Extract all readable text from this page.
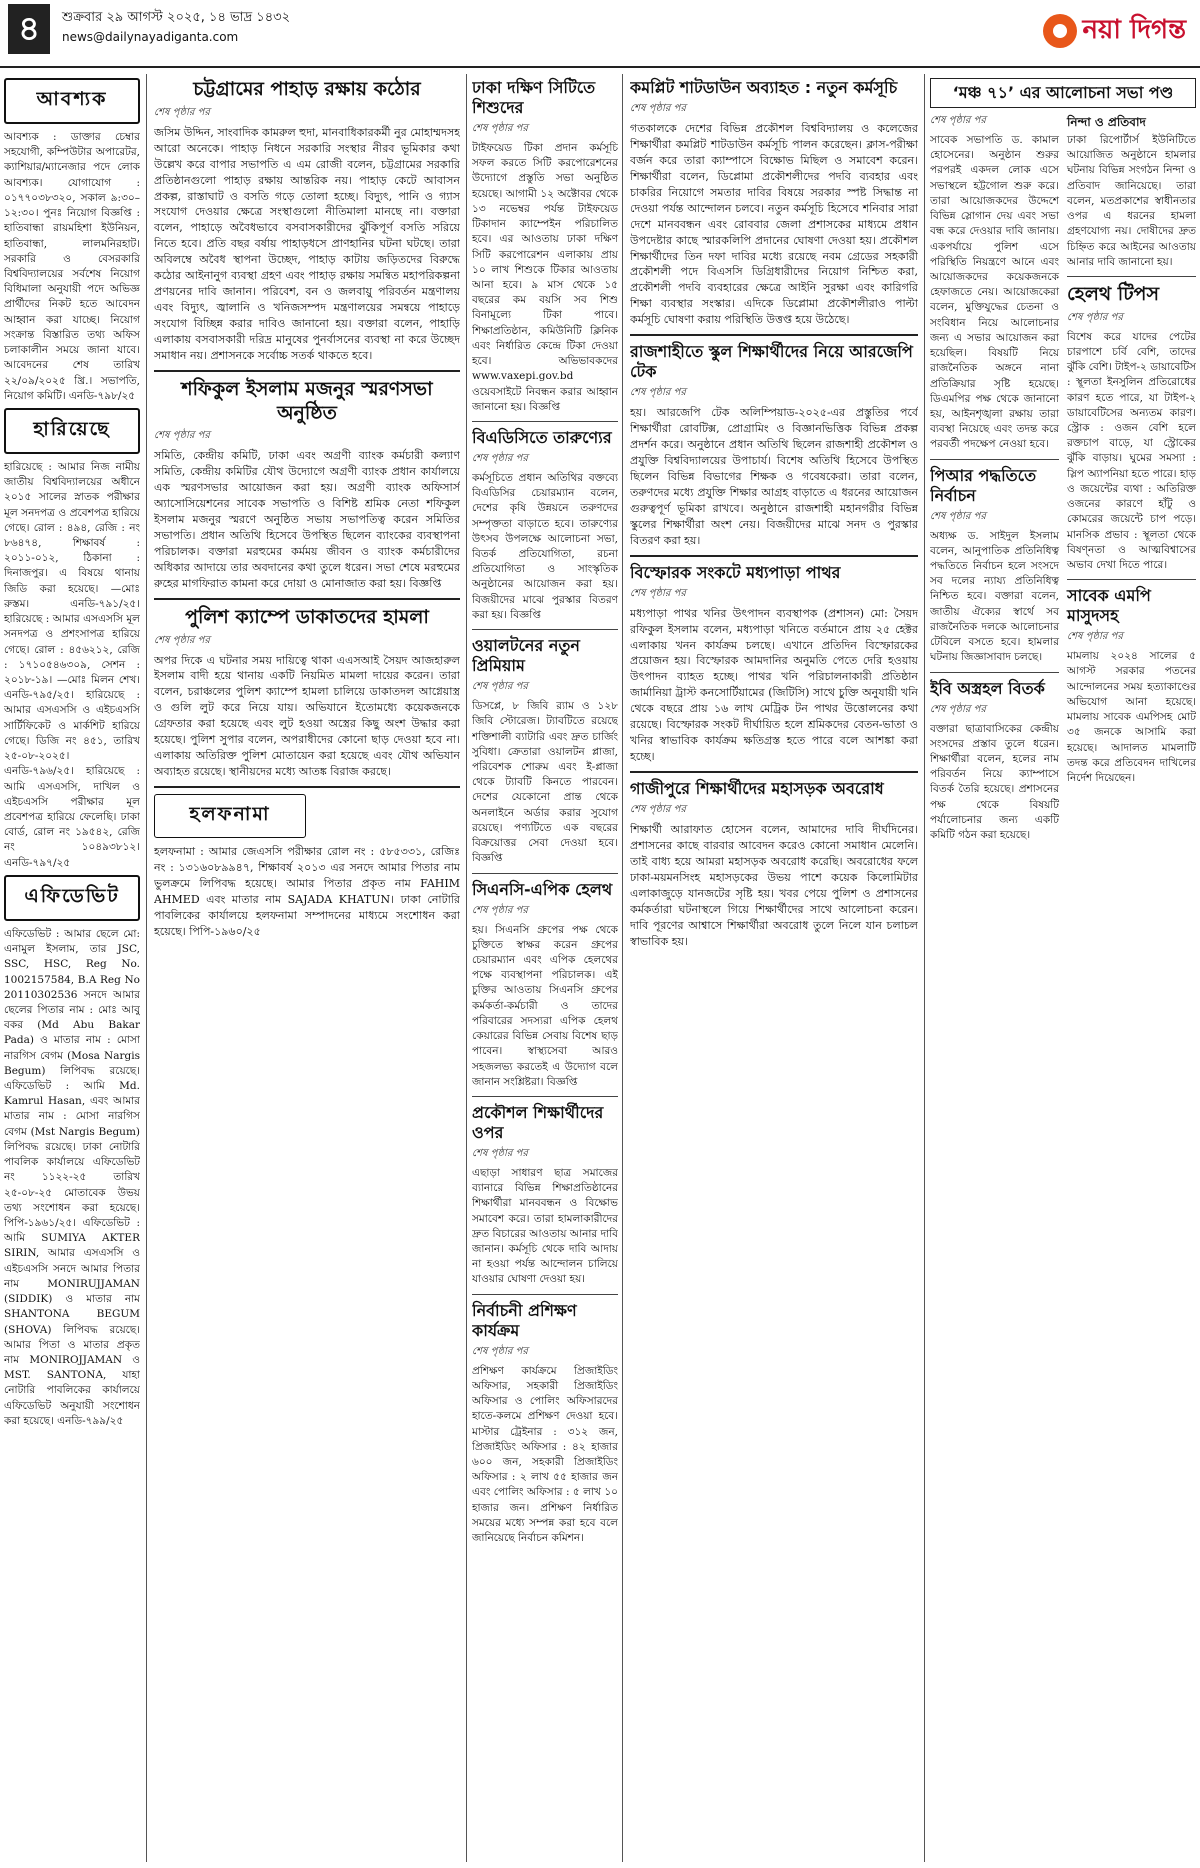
৪	শুক্রবার ২৯ আগস্ট ২০২৫, ১৪ ভাদ্র ১৪৩২
news@dailynayadiganta.com	নয়া দিগন্ত
আবশ্যক

আবশ্যক : ডাক্তার চেম্বার সহযোগী, কম্পিউটার অপারেটর, ক্যাশিয়ার/ম্যানেজার পদে লোক আবশ্যক। যোগাযোগ : ০১৭৭০৩৮৩২০, সকাল ৯:৩০–১২:৩০। পুনঃ নিয়োগ বিজ্ঞপ্তি : হাতিবান্ধা রায়মহিশা ইউনিয়ন, হাতিবান্ধা, লালমনিরহাট। সরকারি ও বেসরকারি বিশ্ববিদ্যালয়ের সর্বশেষ নিয়োগ বিধিমালা অনুযায়ী পদে অভিজ্ঞ প্রার্থীদের নিকট হতে আবেদন আহ্বান করা যাচ্ছে। নিয়োগ সংক্রান্ত বিস্তারিত তথ্য অফিস চলাকালীন সময়ে জানা যাবে। আবেদনের শেষ তারিখ ২২/০৯/২০২৫ খ্রি.। সভাপতি, নিয়োগ কমিটি। এনডি-৭৯৮/২৫

হারিয়েছে

হারিয়েছে : আমার নিজ নামীয় জাতীয় বিশ্ববিদ্যালয়ের অধীনে ২০১৫ সালের স্নাতক পরীক্ষার মূল সনদপত্র ও প্রবেশপত্র হারিয়ে গেছে। রোল : ৪৯৪, রেজি : নং ৮৬৪৭৪, শিক্ষাবর্ষ : ২০১১-০১২, ঠিকানা : দিনাজপুর। এ বিষয়ে থানায় জিডি করা হয়েছে। —মোঃ রুস্তম। এনডি-৭৯১/২৫। হারিয়েছে : আমার এসএসসি মূল সনদপত্র ও প্রশংসাপত্র হারিয়ে গেছে। রোল : ৪৫৬২১২, রেজি : ১৭১০৫৪৬৩০৯, সেশন : ২০১৮-১৯। —মোঃ মিলন শেখ। এনডি-৭৯৫/২৫। হারিয়েছে : আমার এসএসসি ও এইচএসসি সার্টিফিকেট ও মার্কশিট হারিয়ে গেছে। ডিজি নং ৪৫১, তারিখ ২৫-০৮-২০২৫। এনডি-৭৯৬/২৫। হারিয়েছে : আমি এসএসসি, দাখিল ও এইচএসসি পরীক্ষার মূল প্রবেশপত্র হারিয়ে ফেলেছি। ঢাকা বোর্ড, রোল নং ১৯৫৪২, রেজি নং ১০৪৯৩৮১২। এনডি-৭৯৭/২৫

এফিডেভিট

এফিডেভিট : আমার ছেলে মো: এনামুল ইসলাম, তার JSC, SSC, HSC, Reg No. 1002157584, B.A Reg No 20110302536 সনদে আমার ছেলের পিতার নাম : মোঃ আবু বকর (Md Abu Bakar Pada) ও মাতার নাম : মোসা নারগিস বেগম (Mosa Nargis Begum) লিপিবদ্ধ রয়েছে। এফিডেভিট : আমি Md. Kamrul Hasan, এবং আমার মাতার নাম : মোসা নারগিস বেগম (Mst Nargis Begum) লিপিবদ্ধ রয়েছে। ঢাকা নোটারি পাবলিক কার্যালয়ে এফিডেভিট নং ১১২২-২৫ তারিখ ২৫-০৮-২৫ মোতাবেক উভয় তথ্য সংশোধন করা হয়েছে। পিপি-১৯৬১/২৫। এফিডেভিট : আমি SUMIYA AKTER SIRIN, আমার এসএসসি ও এইচএসসি সনদে আমার পিতার নাম MONIRUJJAMAN (SIDDIK) ও মাতার নাম SHANTONA BEGUM (SHOVA) লিপিবদ্ধ রয়েছে। আমার পিতা ও মাতার প্রকৃত নাম MONIROJJAMAN ও MST. SANTONA, যাহা নোটারি পাবলিকের কার্যালয়ে এফিডেভিট অনুযায়ী সংশোধন করা হয়েছে। এনডি-৭৯৯/২৫

চট্টগ্রামের পাহাড় রক্ষায় কঠোর
শেষ পৃষ্ঠার পর

জসিম উদ্দিন, সাংবাদিক কামরুল হুদা, মানবাধিকারকর্মী নুর মোহাম্মদসহ আরো অনেকে। পাহাড় নিধনে সরকারি সংস্থার নীরব ভূমিকার কথা উল্লেখ করে বাপার সভাপতি এ এম রোজী বলেন, চট্টগ্রামের সরকারি প্রতিষ্ঠানগুলো পাহাড় রক্ষায় আন্তরিক নয়। পাহাড় কেটে আবাসন প্রকল্প, রাস্তাঘাট ও বসতি গড়ে তোলা হচ্ছে। বিদ্যুৎ, পানি ও গ্যাস সংযোগ দেওয়ার ক্ষেত্রে সংস্থাগুলো নীতিমালা মানছে না। বক্তারা বলেন, পাহাড়ে অবৈধভাবে বসবাসকারীদের ঝুঁকিপূর্ণ বসতি সরিয়ে নিতে হবে। প্রতি বছর বর্ষায় পাহাড়ধসে প্রাণহানির ঘটনা ঘটছে। তারা অবিলম্বে অবৈধ স্থাপনা উচ্ছেদ, পাহাড় কাটায় জড়িতদের বিরুদ্ধে কঠোর আইনানুগ ব্যবস্থা গ্রহণ এবং পাহাড় রক্ষায় সমন্বিত মহাপরিকল্পনা প্রণয়নের দাবি জানান। পরিবেশ, বন ও জলবায়ু পরিবর্তন মন্ত্রণালয় এবং বিদ্যুৎ, জ্বালানি ও খনিজসম্পদ মন্ত্রণালয়ের সমন্বয়ে পাহাড়ে সংযোগ বিচ্ছিন্ন করার দাবিও জানানো হয়। বক্তারা বলেন, পাহাড়ি এলাকায় বসবাসকারী দরিদ্র মানুষের পুনর্বাসনের ব্যবস্থা না করে উচ্ছেদ সমাধান নয়। প্রশাসনকে সর্বোচ্চ সতর্ক থাকতে হবে।

শফিকুল ইসলাম মজনুর স্মরণসভা অনুষ্ঠিত
শেষ পৃষ্ঠার পর

সমিতি, কেন্দ্রীয় কমিটি, ঢাকা এবং অগ্রণী ব্যাংক কর্মচারী কল্যাণ সমিতি, কেন্দ্রীয় কমিটির যৌথ উদ্যোগে অগ্রণী ব্যাংক প্রধান কার্যালয়ে এক স্মরণসভার আয়োজন করা হয়। অগ্রণী ব্যাংক অফিসার্স অ্যাসোসিয়েশনের সাবেক সভাপতি ও বিশিষ্ট শ্রমিক নেতা শফিকুল ইসলাম মজনুর স্মরণে অনুষ্ঠিত সভায় সভাপতিত্ব করেন সমিতির সভাপতি। প্রধান অতিথি হিসেবে উপস্থিত ছিলেন ব্যাংকের ব্যবস্থাপনা পরিচালক। বক্তারা মরহুমের কর্মময় জীবন ও ব্যাংক কর্মচারীদের অধিকার আদায়ে তার অবদানের কথা তুলে ধরেন। সভা শেষে মরহুমের রুহের মাগফিরাত কামনা করে দোয়া ও মোনাজাত করা হয়। বিজ্ঞপ্তি

পুলিশ ক্যাম্পে ডাকাতদের হামলা
শেষ পৃষ্ঠার পর

অপর দিকে এ ঘটনার সময় দায়িত্বে থাকা এএসআই সৈয়দ আজহারুল ইসলাম বাদী হয়ে থানায় একটি নিয়মিত মামলা দায়ের করেন। তারা বলেন, চরাঞ্চলের পুলিশ ক্যাম্পে হামলা চালিয়ে ডাকাতদল আগ্নেয়াস্ত্র ও গুলি লুট করে নিয়ে যায়। অভিযানে ইতোমধ্যে কয়েকজনকে গ্রেফতার করা হয়েছে এবং লুট হওয়া অস্ত্রের কিছু অংশ উদ্ধার করা হয়েছে। পুলিশ সুপার বলেন, অপরাধীদের কোনো ছাড় দেওয়া হবে না। এলাকায় অতিরিক্ত পুলিশ মোতায়েন করা হয়েছে এবং যৌথ অভিযান অব্যাহত রয়েছে। স্থানীয়দের মধ্যে আতঙ্ক বিরাজ করছে।

হলফনামা

হলফনামা : আমার জেএসসি পরীক্ষার রোল নং : ৫৮৫৩৩১, রেজিঃ নং : ১৩১৬০৮৯৯৪৭, শিক্ষাবর্ষ ২০১৩ এর সনদে আমার পিতার নাম ভুলক্রমে লিপিবদ্ধ হয়েছে। আমার পিতার প্রকৃত নাম FAHIM AHMED এবং মাতার নাম SAJADA KHATUN। ঢাকা নোটারি পাবলিকের কার্যালয়ে হলফনামা সম্পাদনের মাধ্যমে সংশোধন করা হয়েছে। পিপি-১৯৬০/২৫

ঢাকা দক্ষিণ সিটিতে শিশুদের
শেষ পৃষ্ঠার পর

টাইফয়েড টিকা প্রদান কর্মসূচি সফল করতে সিটি করপোরেশনের উদ্যোগে প্রস্তুতি সভা অনুষ্ঠিত হয়েছে। আগামী ১২ অক্টোবর থেকে ১৩ নভেম্বর পর্যন্ত টাইফয়েড টিকাদান ক্যাম্পেইন পরিচালিত হবে। এর আওতায় ঢাকা দক্ষিণ সিটি করপোরেশন এলাকায় প্রায় ১০ লাখ শিশুকে টিকার আওতায় আনা হবে। ৯ মাস থেকে ১৫ বছরের কম বয়সি সব শিশু বিনামূল্যে টিকা পাবে। শিক্ষাপ্রতিষ্ঠান, কমিউনিটি ক্লিনিক এবং নির্ধারিত কেন্দ্রে টিকা দেওয়া হবে। অভিভাবকদের www.vaxepi.gov.bd ওয়েবসাইটে নিবন্ধন করার আহ্বান জানানো হয়। বিজ্ঞপ্তি

বিএডিসিতে তারুণ্যের
শেষ পৃষ্ঠার পর

কর্মসূচিতে প্রধান অতিথির বক্তব্যে বিএডিসির চেয়ারম্যান বলেন, দেশের কৃষি উন্নয়নে তরুণদের সম্পৃক্ততা বাড়াতে হবে। তারুণ্যের উৎসব উপলক্ষে আলোচনা সভা, বিতর্ক প্রতিযোগিতা, রচনা প্রতিযোগিতা ও সাংস্কৃতিক অনুষ্ঠানের আয়োজন করা হয়। বিজয়ীদের মাঝে পুরস্কার বিতরণ করা হয়। বিজ্ঞপ্তি

ওয়ালটনের নতুন প্রিমিয়াম
শেষ পৃষ্ঠার পর

ডিসপ্লে, ৮ জিবি র‌্যাম ও ১২৮ জিবি স্টোরেজ। ট্যাবটিতে রয়েছে শক্তিশালী ব্যাটারি এবং দ্রুত চার্জিং সুবিধা। ক্রেতারা ওয়ালটন প্লাজা, পরিবেশক শোরুম এবং ই-প্লাজা থেকে ট্যাবটি কিনতে পারবেন। দেশের যেকোনো প্রান্ত থেকে অনলাইনে অর্ডার করার সুযোগ রয়েছে। পণ্যটিতে এক বছরের বিক্রয়োত্তর সেবা দেওয়া হবে। বিজ্ঞপ্তি

সিএনসি-এপিক হেলথ
শেষ পৃষ্ঠার পর

হয়। সিএনসি গ্রুপের পক্ষ থেকে চুক্তিতে স্বাক্ষর করেন গ্রুপের চেয়ারম্যান এবং এপিক হেলথের পক্ষে ব্যবস্থাপনা পরিচালক। এই চুক্তির আওতায় সিএনসি গ্রুপের কর্মকর্তা-কর্মচারী ও তাদের পরিবারের সদস্যরা এপিক হেলথ কেয়ারের বিভিন্ন সেবায় বিশেষ ছাড় পাবেন। স্বাস্থ্যসেবা আরও সহজলভ্য করতেই এ উদ্যোগ বলে জানান সংশ্লিষ্টরা। বিজ্ঞপ্তি

প্রকৌশল শিক্ষার্থীদের ওপর
শেষ পৃষ্ঠার পর

এছাড়া সাধারণ ছাত্র সমাজের ব্যানারে বিভিন্ন শিক্ষাপ্রতিষ্ঠানের শিক্ষার্থীরা মানববন্ধন ও বিক্ষোভ সমাবেশ করে। তারা হামলাকারীদের দ্রুত বিচারের আওতায় আনার দাবি জানান। কর্মসূচি থেকে দাবি আদায় না হওয়া পর্যন্ত আন্দোলন চালিয়ে যাওয়ার ঘোষণা দেওয়া হয়।

নির্বাচনী প্রশিক্ষণ কার্যক্রম
শেষ পৃষ্ঠার পর

প্রশিক্ষণ কার্যক্রমে প্রিজাইডিং অফিসার, সহকারী প্রিজাইডিং অফিসার ও পোলিং অফিসারদের হাতে-কলমে প্রশিক্ষণ দেওয়া হবে। মাস্টার ট্রেইনার : ৩১২ জন, প্রিজাইডিং অফিসার : ৪২ হাজার ৬০০ জন, সহকারী প্রিজাইডিং অফিসার : ২ লাখ ৫৫ হাজার জন এবং পোলিং অফিসার : ৫ লাখ ১০ হাজার জন। প্রশিক্ষণ নির্ধারিত সময়ের মধ্যে সম্পন্ন করা হবে বলে জানিয়েছে নির্বাচন কমিশন।

কমপ্লিট শাটডাউন অব্যাহত : নতুন কর্মসূচি
শেষ পৃষ্ঠার পর

গতকালকে দেশের বিভিন্ন প্রকৌশল বিশ্ববিদ্যালয় ও কলেজের শিক্ষার্থীরা কমপ্লিট শাটডাউন কর্মসূচি পালন করেছেন। ক্লাস-পরীক্ষা বর্জন করে তারা ক্যাম্পাসে বিক্ষোভ মিছিল ও সমাবেশ করেন। শিক্ষার্থীরা বলেন, ডিপ্লোমা প্রকৌশলীদের পদবি ব্যবহার এবং চাকরির নিয়োগে সমতার দাবির বিষয়ে সরকার স্পষ্ট সিদ্ধান্ত না দেওয়া পর্যন্ত আন্দোলন চলবে। নতুন কর্মসূচি হিসেবে শনিবার সারা দেশে মানববন্ধন এবং রোববার জেলা প্রশাসকের মাধ্যমে প্রধান উপদেষ্টার কাছে স্মারকলিপি প্রদানের ঘোষণা দেওয়া হয়। প্রকৌশল শিক্ষার্থীদের তিন দফা দাবির মধ্যে রয়েছে নবম গ্রেডের সহকারী প্রকৌশলী পদে বিএসসি ডিগ্রিধারীদের নিয়োগ নিশ্চিত করা, প্রকৌশলী পদবি ব্যবহারের ক্ষেত্রে আইনি সুরক্ষা এবং কারিগরি শিক্ষা ব্যবস্থার সংস্কার। এদিকে ডিপ্লোমা প্রকৌশলীরাও পাল্টা কর্মসূচি ঘোষণা করায় পরিস্থিতি উত্তপ্ত হয়ে উঠেছে।

রাজশাহীতে স্কুল শিক্ষার্থীদের নিয়ে আরজেপি টেক
শেষ পৃষ্ঠার পর

হয়। আরজেপি টেক অলিম্পিয়াড-২০২৫-এর প্রস্তুতির পর্বে শিক্ষার্থীরা রোবটিক্স, প্রোগ্রামিং ও বিজ্ঞানভিত্তিক বিভিন্ন প্রকল্প প্রদর্শন করে। অনুষ্ঠানে প্রধান অতিথি ছিলেন রাজশাহী প্রকৌশল ও প্রযুক্তি বিশ্ববিদ্যালয়ের উপাচার্য। বিশেষ অতিথি হিসেবে উপস্থিত ছিলেন বিভিন্ন বিভাগের শিক্ষক ও গবেষকেরা। তারা বলেন, তরুণদের মধ্যে প্রযুক্তি শিক্ষার আগ্রহ বাড়াতে এ ধরনের আয়োজন গুরুত্বপূর্ণ ভূমিকা রাখবে। অনুষ্ঠানে রাজশাহী মহানগরীর বিভিন্ন স্কুলের শিক্ষার্থীরা অংশ নেয়। বিজয়ীদের মাঝে সনদ ও পুরস্কার বিতরণ করা হয়।

বিস্ফোরক সংকটে মধ্যপাড়া পাথর
শেষ পৃষ্ঠার পর

মধ্যপাড়া পাথর খনির উৎপাদন ব্যবস্থাপক (প্রশাসন) মো: সৈয়দ রফিকুল ইসলাম বলেন, মধ্যপাড়া খনিতে বর্তমানে প্রায় ২৫ হেক্টর এলাকায় খনন কার্যক্রম চলছে। এখানে প্রতিদিন বিস্ফোরকের প্রয়োজন হয়। বিস্ফোরক আমদানির অনুমতি পেতে দেরি হওয়ায় উৎপাদন ব্যাহত হচ্ছে। পাথর খনি পরিচালনাকারী প্রতিষ্ঠান জার্মানিয়া ট্রাস্ট কনসোর্টিয়ামের (জিটিসি) সাথে চুক্তি অনুযায়ী খনি থেকে বছরে প্রায় ১৬ লাখ মেট্রিক টন পাথর উত্তোলনের কথা রয়েছে। বিস্ফোরক সংকট দীর্ঘায়িত হলে শ্রমিকদের বেতন-ভাতা ও খনির স্বাভাবিক কার্যক্রম ক্ষতিগ্রস্ত হতে পারে বলে আশঙ্কা করা হচ্ছে।

গাজীপুরে শিক্ষার্থীদের মহাসড়ক অবরোধ
শেষ পৃষ্ঠার পর

শিক্ষার্থী আরাফাত হোসেন বলেন, আমাদের দাবি দীর্ঘদিনের। প্রশাসনের কাছে বারবার আবেদন করেও কোনো সমাধান মেলেনি। তাই বাধ্য হয়ে আমরা মহাসড়ক অবরোধ করেছি। অবরোধের ফলে ঢাকা-ময়মনসিংহ মহাসড়কের উভয় পাশে কয়েক কিলোমিটার এলাকাজুড়ে যানজটের সৃষ্টি হয়। খবর পেয়ে পুলিশ ও প্রশাসনের কর্মকর্তারা ঘটনাস্থলে গিয়ে শিক্ষার্থীদের সাথে আলোচনা করেন। দাবি পূরণের আশ্বাসে শিক্ষার্থীরা অবরোধ তুলে নিলে যান চলাচল স্বাভাবিক হয়।

‘মঞ্চ ৭১’ এর আলোচনা সভা পণ্ড
শেষ পৃষ্ঠার পর

সাবেক সভাপতি ড. কামাল হোসেনের। অনুষ্ঠান শুরুর পরপরই একদল লোক এসে সভাস্থলে হট্টগোল শুরু করে। তারা আয়োজকদের উদ্দেশে বিভিন্ন স্লোগান দেয় এবং সভা বন্ধ করে দেওয়ার দাবি জানায়। একপর্যায়ে পুলিশ এসে পরিস্থিতি নিয়ন্ত্রণে আনে এবং আয়োজকদের কয়েকজনকে হেফাজতে নেয়। আয়োজকেরা বলেন, মুক্তিযুদ্ধের চেতনা ও সংবিধান নিয়ে আলোচনার জন্য এ সভার আয়োজন করা হয়েছিল। বিষয়টি নিয়ে রাজনৈতিক অঙ্গনে নানা প্রতিক্রিয়ার সৃষ্টি হয়েছে। ডিএমপির পক্ষ থেকে জানানো হয়, আইনশৃঙ্খলা রক্ষায় তারা ব্যবস্থা নিয়েছে এবং তদন্ত করে পরবর্তী পদক্ষেপ নেওয়া হবে।

পিআর পদ্ধতিতে নির্বাচন
শেষ পৃষ্ঠার পর

অধ্যক্ষ ড. সাইদুল ইসলাম বলেন, আনুপাতিক প্রতিনিধিত্ব পদ্ধতিতে নির্বাচন হলে সংসদে সব দলের ন্যায্য প্রতিনিধিত্ব নিশ্চিত হবে। বক্তারা বলেন, জাতীয় ঐক্যের স্বার্থে সব রাজনৈতিক দলকে আলোচনার টেবিলে বসতে হবে। হামলার ঘটনায় জিজ্ঞাসাবাদ চলছে।

ইবি অস্ত্রহল বিতর্ক
শেষ পৃষ্ঠার পর

বক্তারা ছাত্রাবাসিকের কেন্দ্রীয় সংসদের প্রস্তাব তুলে ধরেন। শিক্ষার্থীরা বলেন, হলের নাম পরিবর্তন নিয়ে ক্যাম্পাসে বিতর্ক তৈরি হয়েছে। প্রশাসনের পক্ষ থেকে বিষয়টি পর্যালোচনার জন্য একটি কমিটি গঠন করা হয়েছে।

নিন্দা ও প্রতিবাদ

ঢাকা রিপোর্টার্স ইউনিটিতে আয়োজিত অনুষ্ঠানে হামলার ঘটনায় বিভিন্ন সংগঠন নিন্দা ও প্রতিবাদ জানিয়েছে। তারা বলেন, মতপ্রকাশের স্বাধীনতার ওপর এ ধরনের হামলা গ্রহণযোগ্য নয়। দোষীদের দ্রুত চিহ্নিত করে আইনের আওতায় আনার দাবি জানানো হয়।

হেলথ টিপস
শেষ পৃষ্ঠার পর

বিশেষ করে যাদের পেটের চারপাশে চর্বি বেশি, তাদের ঝুঁকি বেশি। টাইপ-২ ডায়াবেটিস : স্থূলতা ইনসুলিন প্রতিরোধের কারণ হতে পারে, যা টাইপ-২ ডায়াবেটিসের অন্যতম কারণ। স্ট্রোক : ওজন বেশি হলে রক্তচাপ বাড়ে, যা স্ট্রোকের ঝুঁকি বাড়ায়। ঘুমের সমস্যা : স্লিপ অ্যাপনিয়া হতে পারে। হাড় ও জয়েন্টের ব্যথা : অতিরিক্ত ওজনের কারণে হাঁটু ও কোমরের জয়েন্টে চাপ পড়ে। মানসিক প্রভাব : স্থূলতা থেকে বিষণ্নতা ও আত্মবিশ্বাসের অভাব দেখা দিতে পারে।

সাবেক এমপি মাসুদসহ
শেষ পৃষ্ঠার পর

মামলায় ২০২৪ সালের ৫ আগস্ট সরকার পতনের আন্দোলনের সময় হত্যাকাণ্ডের অভিযোগ আনা হয়েছে। মামলায় সাবেক এমপিসহ মোট ৩৫ জনকে আসামি করা হয়েছে। আদালত মামলাটি তদন্ত করে প্রতিবেদন দাখিলের নির্দেশ দিয়েছেন।
